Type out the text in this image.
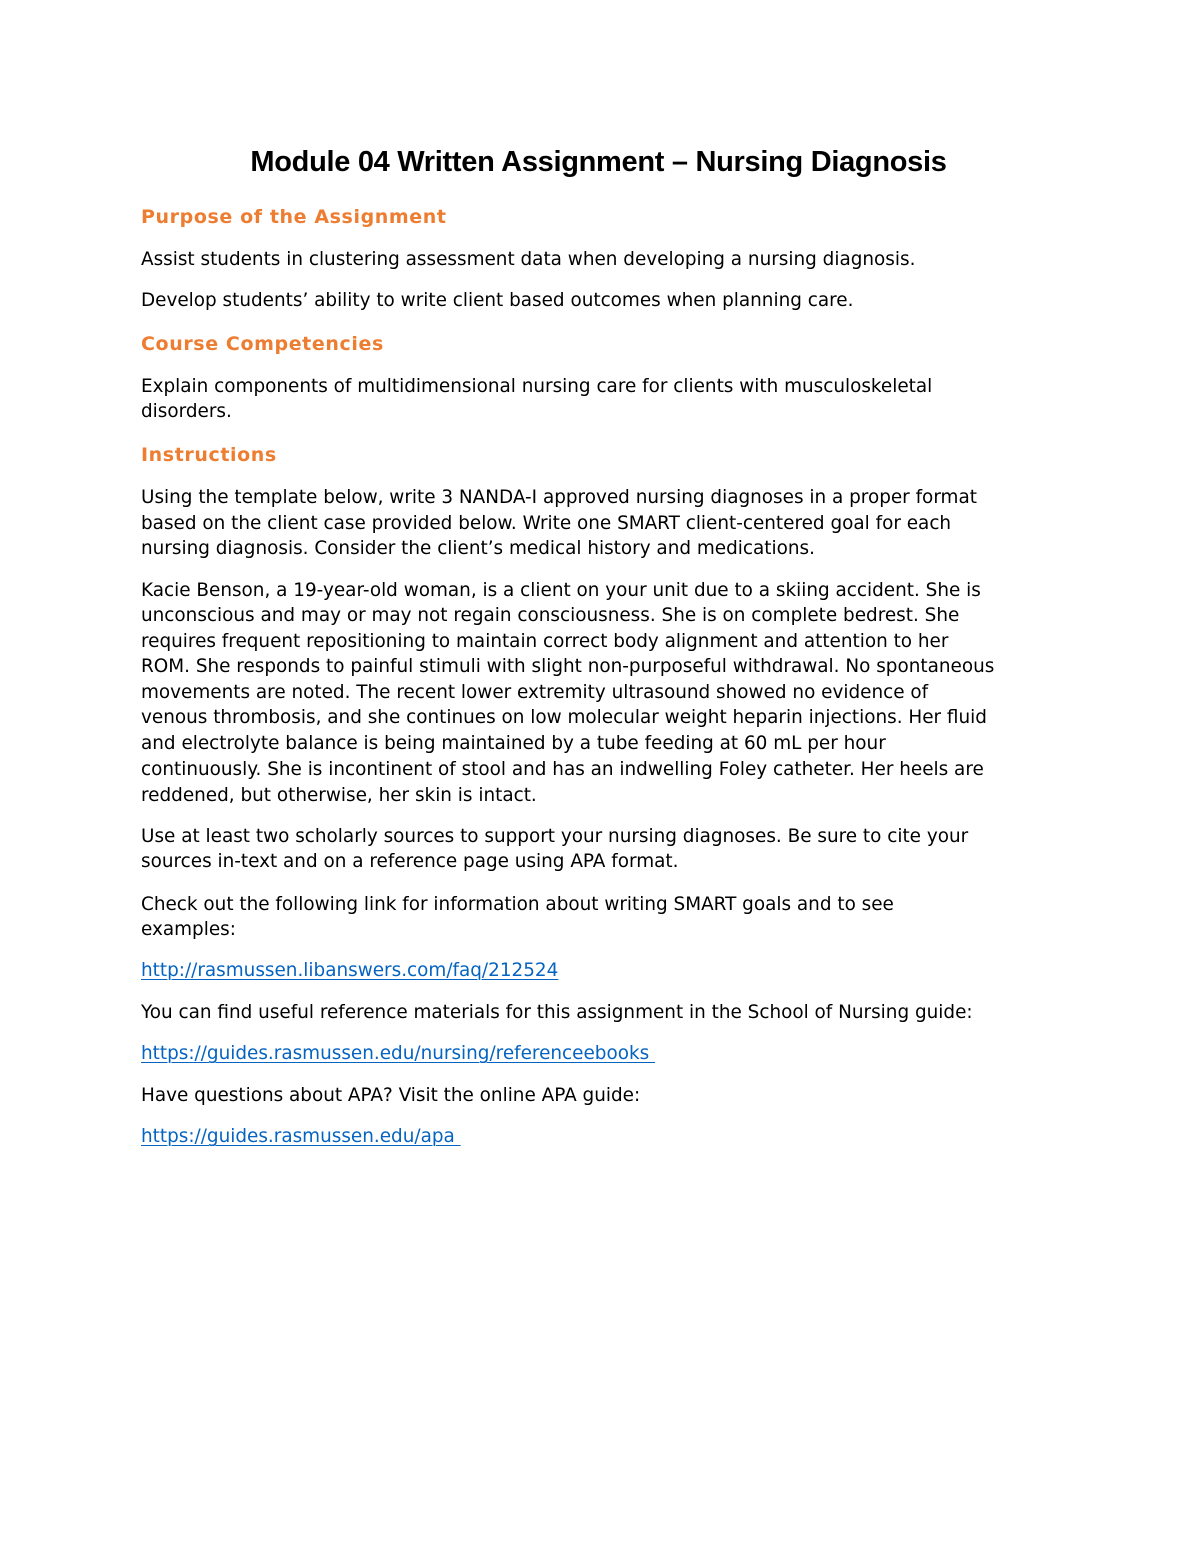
Module 04 Written Assignment – Nursing Diagnosis
Purpose of the Assignment

Assist students in clustering assessment data when developing a nursing diagnosis.

Develop students’ ability to write client based outcomes when planning care.

Course Competencies

Explain components of multidimensional nursing care for clients with musculoskeletal

disorders.

Instructions

Using the template below, write 3 NANDA-I approved nursing diagnoses in a proper format

based on the client case provided below. Write one SMART client-centered goal for each

nursing diagnosis. Consider the client’s medical history and medications.

Kacie Benson, a 19-year-old woman, is a client on your unit due to a skiing accident. She is

unconscious and may or may not regain consciousness. She is on complete bedrest. She

requires frequent repositioning to maintain correct body alignment and attention to her

ROM. She responds to painful stimuli with slight non-purposeful withdrawal. No spontaneous

movements are noted. The recent lower extremity ultrasound showed no evidence of

venous thrombosis, and she continues on low molecular weight heparin injections. Her fluid

and electrolyte balance is being maintained by a tube feeding at 60 mL per hour

continuously. She is incontinent of stool and has an indwelling Foley catheter. Her heels are

reddened, but otherwise, her skin is intact.

Use at least two scholarly sources to support your nursing diagnoses. Be sure to cite your

sources in-text and on a reference page using APA format.

Check out the following link for information about writing SMART goals and to see

examples:

http://rasmussen.libanswers.com/faq/212524

You can find useful reference materials for this assignment in the School of Nursing guide:

https://guides.rasmussen.edu/nursing/referenceebooks

Have questions about APA? Visit the online APA guide:

https://guides.rasmussen.edu/apa
